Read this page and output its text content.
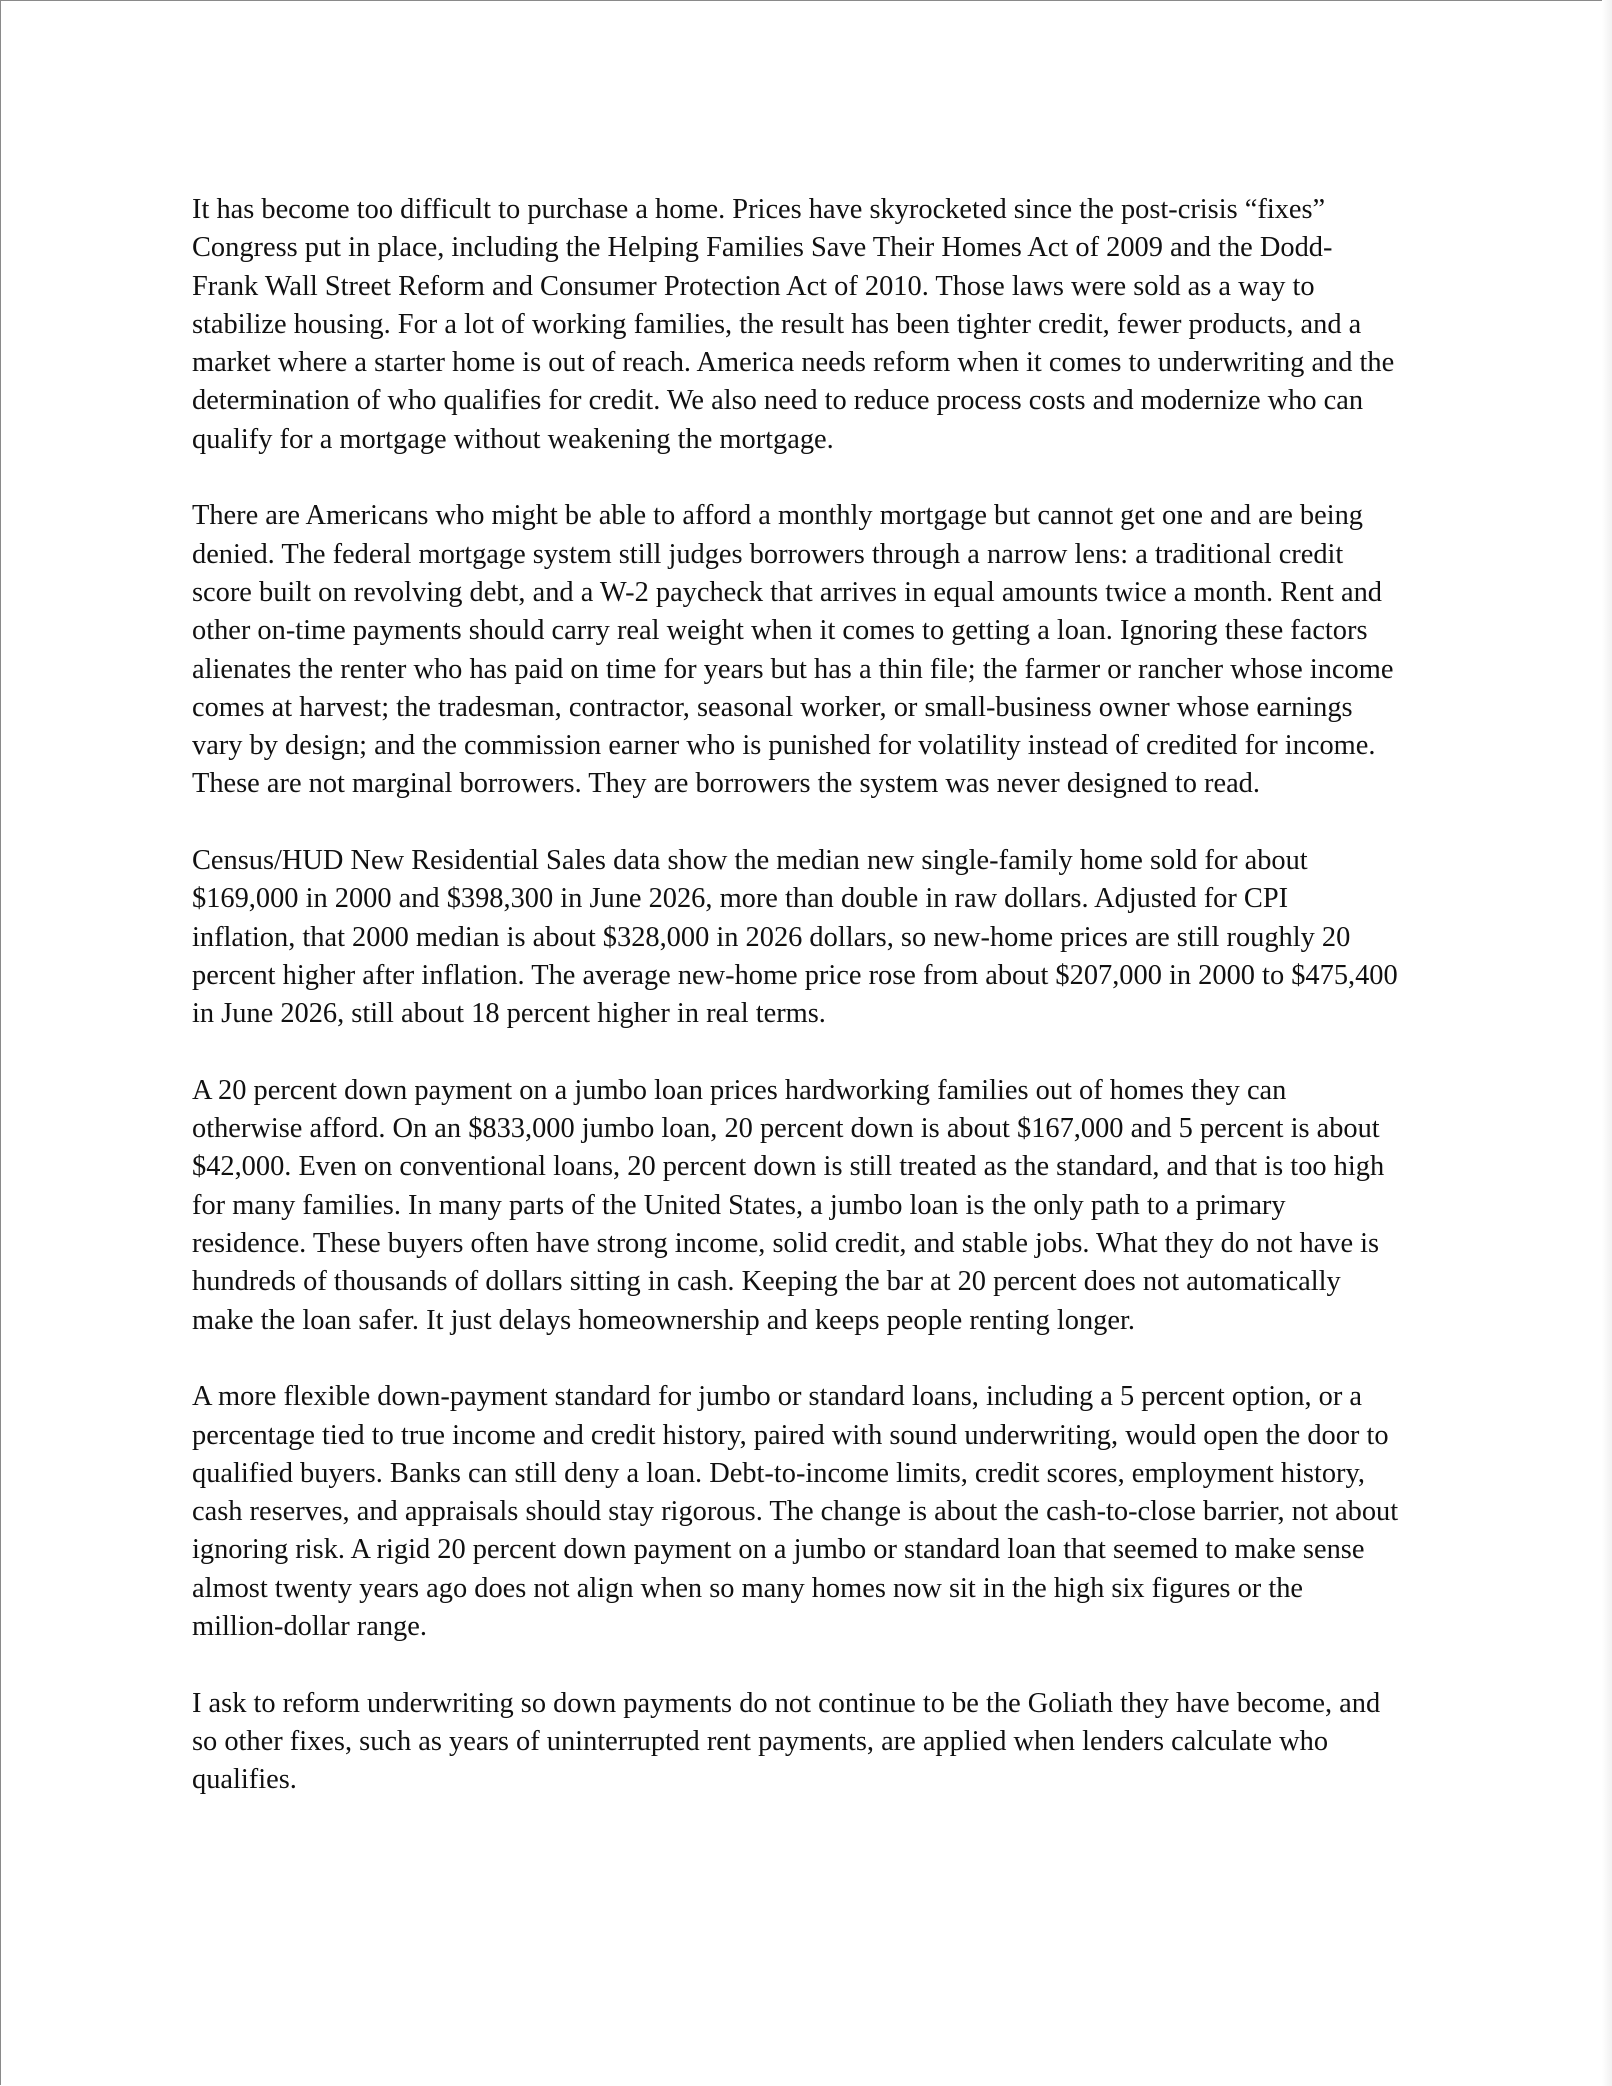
It has become too difficult to purchase a home. Prices have skyrocketed since the post-crisis “fixes”
Congress put in place, including the Helping Families Save Their Homes Act of 2009 and the Dodd-
Frank Wall Street Reform and Consumer Protection Act of 2010. Those laws were sold as a way to
stabilize housing. For a lot of working families, the result has been tighter credit, fewer products, and a
market where a starter home is out of reach. America needs reform when it comes to underwriting and the
determination of who qualifies for credit. We also need to reduce process costs and modernize who can
qualify for a mortgage without weakening the mortgage.

There are Americans who might be able to afford a monthly mortgage but cannot get one and are being
denied. The federal mortgage system still judges borrowers through a narrow lens: a traditional credit
score built on revolving debt, and a W-2 paycheck that arrives in equal amounts twice a month. Rent and
other on-time payments should carry real weight when it comes to getting a loan. Ignoring these factors
alienates the renter who has paid on time for years but has a thin file; the farmer or rancher whose income
comes at harvest; the tradesman, contractor, seasonal worker, or small-business owner whose earnings
vary by design; and the commission earner who is punished for volatility instead of credited for income.
These are not marginal borrowers. They are borrowers the system was never designed to read.

Census/HUD New Residential Sales data show the median new single-family home sold for about
$169,000 in 2000 and $398,300 in June 2026, more than double in raw dollars. Adjusted for CPI
inflation, that 2000 median is about $328,000 in 2026 dollars, so new-home prices are still roughly 20
percent higher after inflation. The average new-home price rose from about $207,000 in 2000 to $475,400
in June 2026, still about 18 percent higher in real terms.

A 20 percent down payment on a jumbo loan prices hardworking families out of homes they can
otherwise afford. On an $833,000 jumbo loan, 20 percent down is about $167,000 and 5 percent is about
$42,000. Even on conventional loans, 20 percent down is still treated as the standard, and that is too high
for many families. In many parts of the United States, a jumbo loan is the only path to a primary
residence. These buyers often have strong income, solid credit, and stable jobs. What they do not have is
hundreds of thousands of dollars sitting in cash. Keeping the bar at 20 percent does not automatically
make the loan safer. It just delays homeownership and keeps people renting longer.

A more flexible down-payment standard for jumbo or standard loans, including a 5 percent option, or a
percentage tied to true income and credit history, paired with sound underwriting, would open the door to
qualified buyers. Banks can still deny a loan. Debt-to-income limits, credit scores, employment history,
cash reserves, and appraisals should stay rigorous. The change is about the cash-to-close barrier, not about
ignoring risk. A rigid 20 percent down payment on a jumbo or standard loan that seemed to make sense
almost twenty years ago does not align when so many homes now sit in the high six figures or the
million-dollar range.

I ask to reform underwriting so down payments do not continue to be the Goliath they have become, and
so other fixes, such as years of uninterrupted rent payments, are applied when lenders calculate who
qualifies.
